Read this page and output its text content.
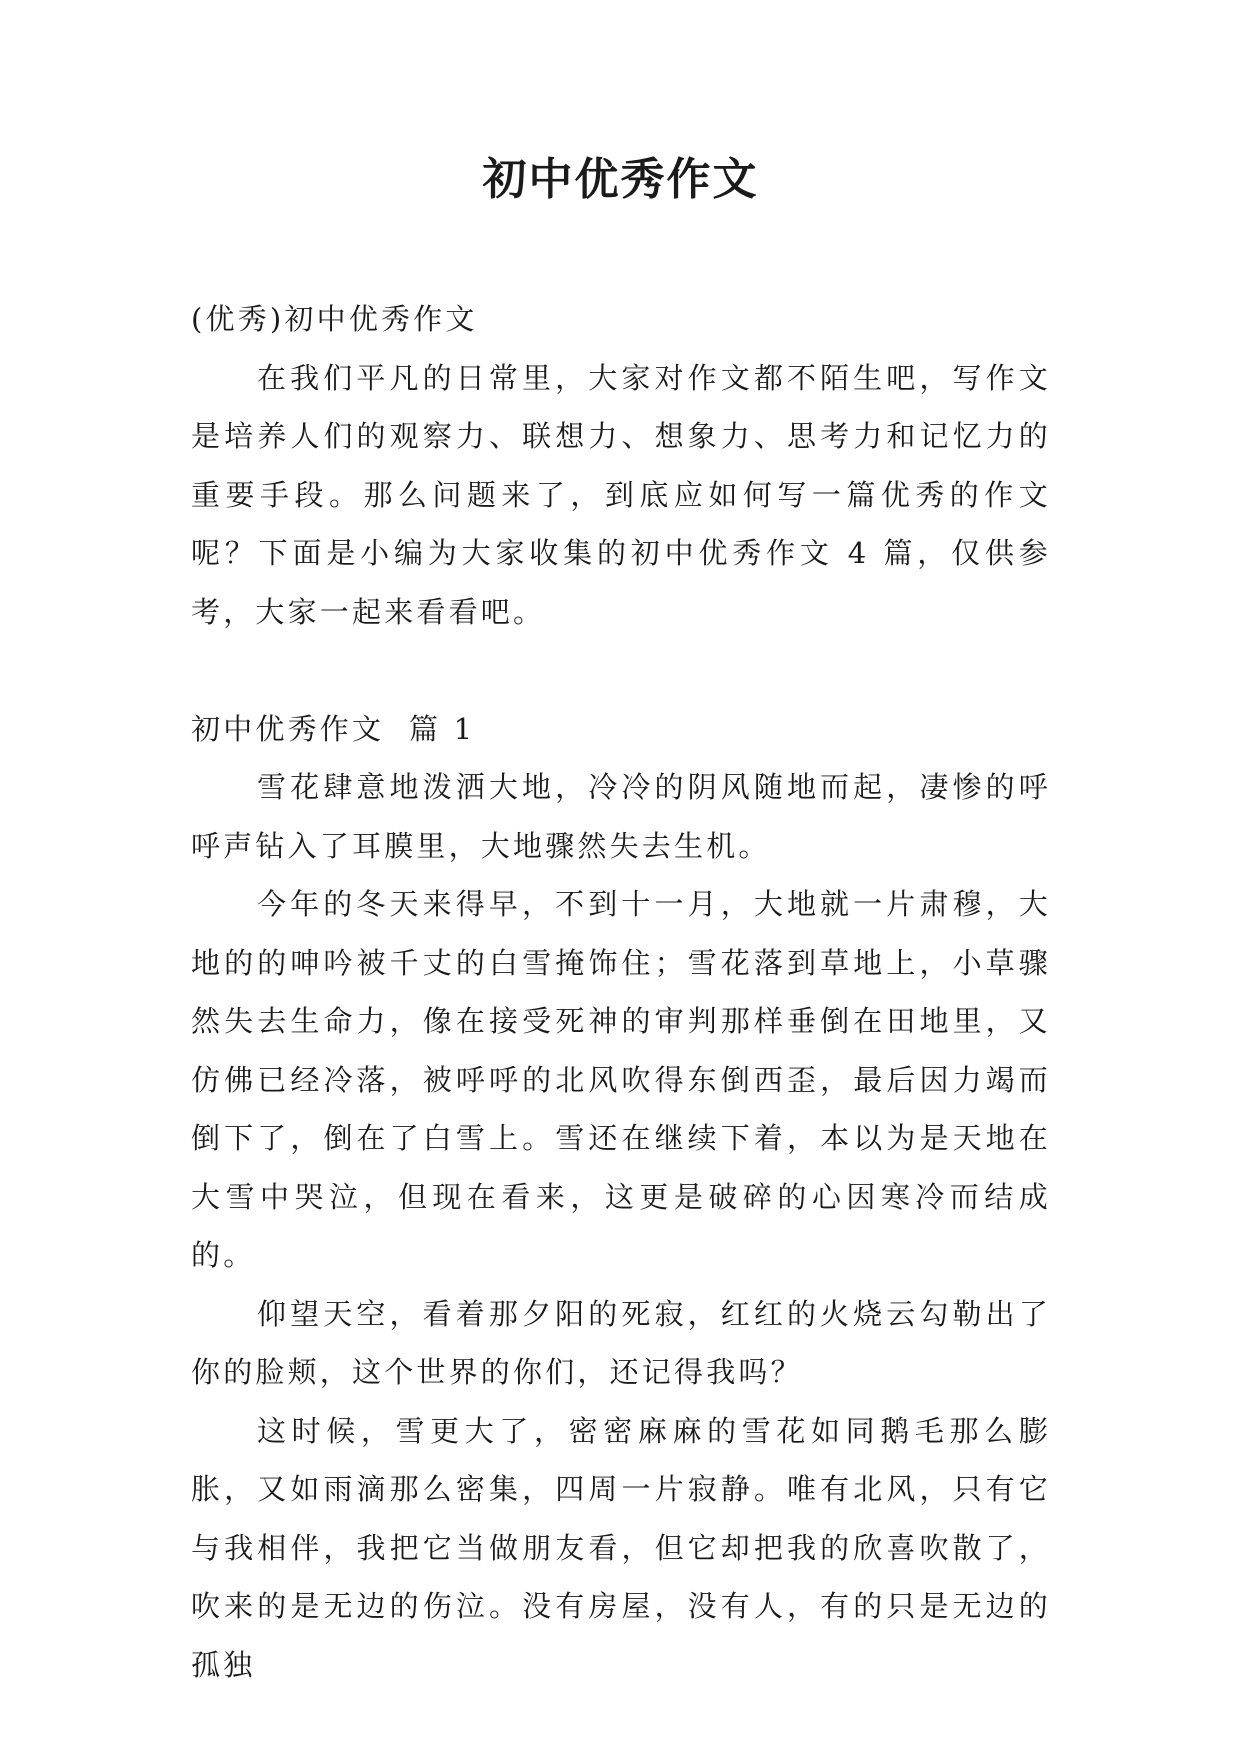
初中优秀作文

(优秀)初中优秀作文

在我们平凡的日常里，大家对作文都不陌生吧，写作文是培养人们的观察力、联想力、想象力、思考力和记忆力的重要手段。那么问题来了，到底应如何写一篇优秀的作文呢？下面是小编为大家收集的初中优秀作文 4 篇，仅供参考，大家一起来看看吧。

初中优秀作文  篇 1

雪花肆意地泼洒大地，冷冷的阴风随地而起，凄惨的呼呼声钻入了耳膜里，大地骤然失去生机。

今年的冬天来得早，不到十一月，大地就一片肃穆，大地的的呻吟被千丈的白雪掩饰住；雪花落到草地上，小草骤然失去生命力，像在接受死神的审判那样垂倒在田地里，又仿佛已经冷落，被呼呼的北风吹得东倒西歪，最后因力竭而倒下了，倒在了白雪上。雪还在继续下着，本以为是天地在大雪中哭泣，但现在看来，这更是破碎的心因寒冷而结成的。

仰望天空，看着那夕阳的死寂，红红的火烧云勾勒出了你的脸颊，这个世界的你们，还记得我吗？

这时候，雪更大了，密密麻麻的雪花如同鹅毛那么膨胀，又如雨滴那么密集，四周一片寂静。唯有北风，只有它与我相伴，我把它当做朋友看，但它却把我的欣喜吹散了，吹来的是无边的伤泣。没有房屋，没有人，有的只是无边的孤独
